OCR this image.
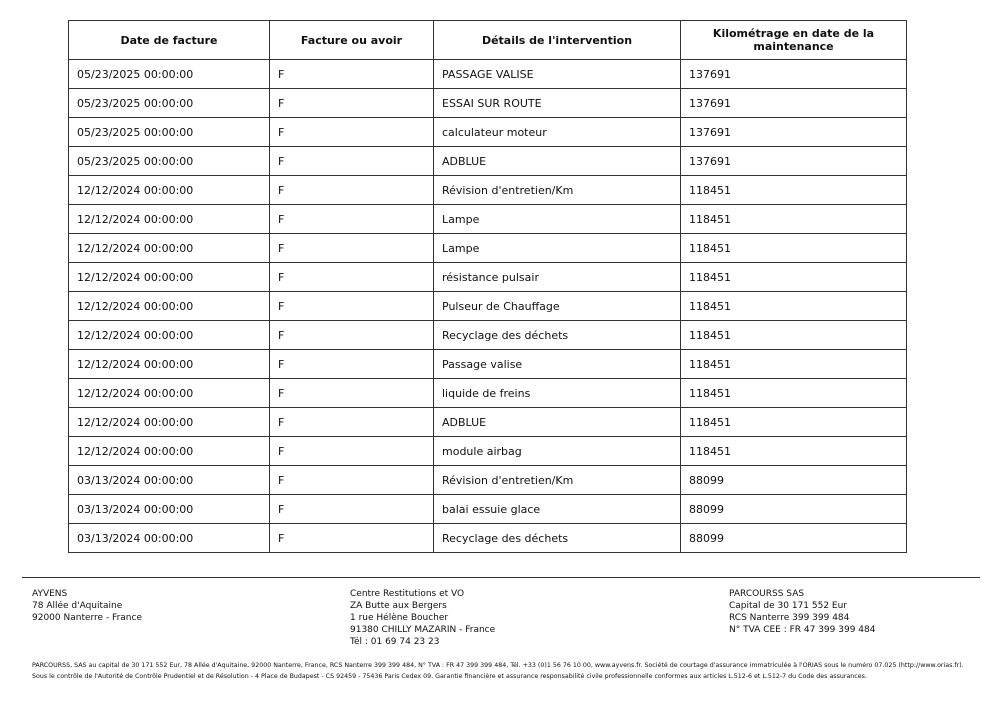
Date de facture	Facture ou avoir	Détails de l'intervention	Kilométrage en date de la maintenance
05/23/2025 00:00:00	F	PASSAGE VALISE	137691
05/23/2025 00:00:00	F	ESSAI SUR ROUTE	137691
05/23/2025 00:00:00	F	calculateur moteur	137691
05/23/2025 00:00:00	F	ADBLUE	137691
12/12/2024 00:00:00	F	Révision d'entretien/Km	118451
12/12/2024 00:00:00	F	Lampe	118451
12/12/2024 00:00:00	F	Lampe	118451
12/12/2024 00:00:00	F	résistance pulsair	118451
12/12/2024 00:00:00	F	Pulseur de Chauffage	118451
12/12/2024 00:00:00	F	Recyclage des déchets	118451
12/12/2024 00:00:00	F	Passage valise	118451
12/12/2024 00:00:00	F	liquide de freins	118451
12/12/2024 00:00:00	F	ADBLUE	118451
12/12/2024 00:00:00	F	module airbag	118451
03/13/2024 00:00:00	F	Révision d'entretien/Km	88099
03/13/2024 00:00:00	F	balai essuie glace	88099
03/13/2024 00:00:00	F	Recyclage des déchets	88099
AYVENS
78 Allée d'Aquitaine
92000 Nanterre - France
Centre Restitutions et VO
ZA Butte aux Bergers
1 rue Hélène Boucher
91380 CHILLY MAZARIN - France
Tél : 01 69 74 23 23
PARCOURSS SAS
Capital de 30 171 552 Eur
RCS Nanterre 399 399 484
N° TVA CEE : FR 47 399 399 484
PARCOURSS, SAS au capital de 30 171 552 Eur, 78 Allée d'Aquitaine, 92000 Nanterre, France, RCS Nanterre 399 399 484, N° TVA : FR 47 399 399 484, Tél. +33 (0)1 56 76 10 00, www.ayvens.fr. Société de courtage d'assurance immatriculée à l'ORIAS sous le numéro 07.025 (http://www.orias.fr).
Sous le contrôle de l'Autorité de Contrôle Prudentiel et de Résolution - 4 Place de Budapest - CS 92459 - 75436 Paris Cedex 09. Garantie financière et assurance responsabilité civile professionnelle conformes aux articles L.512-6 et L.512-7 du Code des assurances.
